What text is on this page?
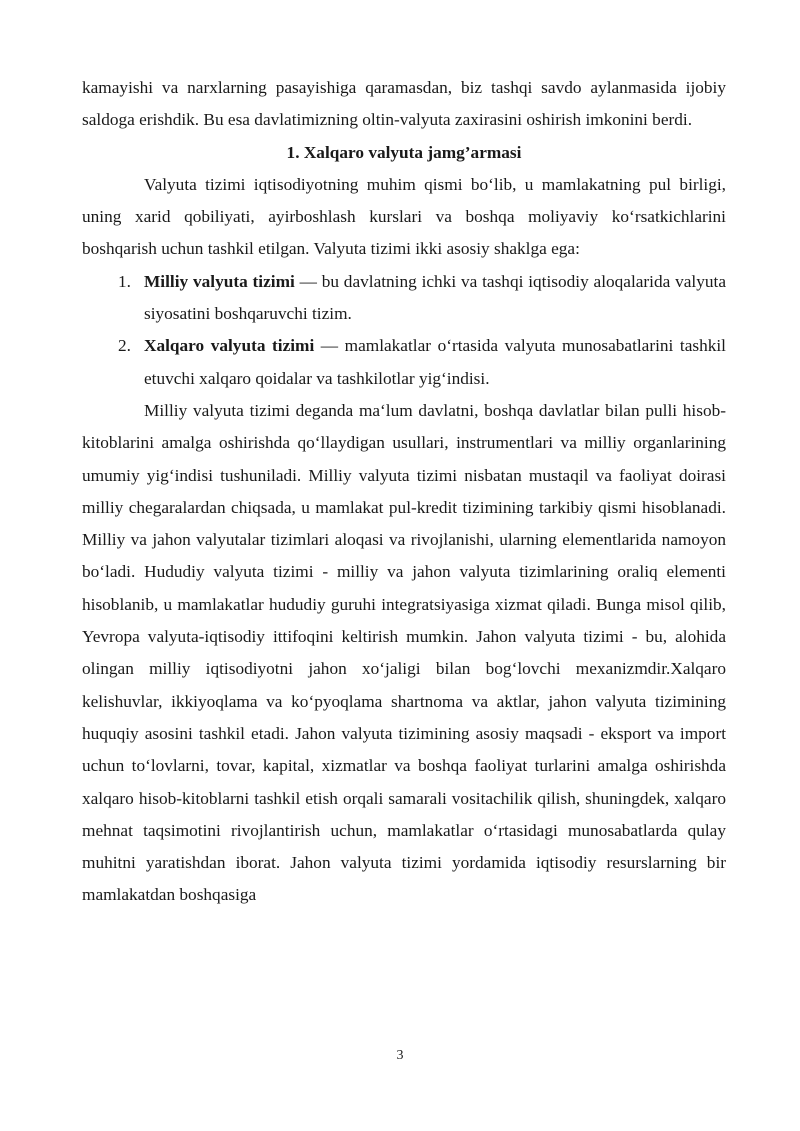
kamayishi va narxlarning pasayishiga qaramasdan, biz tashqi savdo aylanmasida ijobiy saldoga erishdik. Bu esa davlatimizning oltin-valyuta zaxirasini oshirish imkonini berdi.

1. Xalqaro valyuta jamg’armasi

Valyuta tizimi iqtisodiyotning muhim qismi bo‘lib, u mamlakatning pul birligi, uning xarid qobiliyati, ayirboshlash kurslari va boshqa moliyaviy ko‘rsatkichlarini boshqarish uchun tashkil etilgan. Valyuta tizimi ikki asosiy shaklga ega:

1. Milliy valyuta tizimi — bu davlatning ichki va tashqi iqtisodiy aloqalarida valyuta siyosatini boshqaruvchi tizim.
2. Xalqaro valyuta tizimi — mamlakatlar o‘rtasida valyuta munosabatlarini tashkil etuvchi xalqaro qoidalar va tashkilotlar yig‘indisi.

Milliy valyuta tizimi deganda ma‘lum davlatni, boshqa davlatlar bilan pulli hisob-kitoblarini amalga oshirishda qo‘llaydigan usullari, instrumentlari va milliy organlarining umumiy yig‘indisi tushuniladi. Milliy valyuta tizimi nisbatan mustaqil va faoliyat doirasi milliy chegaralardan chiqsada, u mamlakat pul-kredit tizimining tarkibiy qismi hisoblanadi. Milliy va jahon valyutalar tizimlari aloqasi va rivojlanishi, ularning elementlarida namoyon bo‘ladi. Hududiy valyuta tizimi - milliy va jahon valyuta tizimlarining oraliq elementi hisoblanib, u mamlakatlar hududiy guruhi integratsiyasiga xizmat qiladi. Bunga misol qilib, Yevropa valyuta-iqtisodiy ittifoqini keltirish mumkin. Jahon valyuta tizimi - bu, alohida olingan milliy iqtisodiyotni jahon xo‘jaligi bilan bog‘lovchi mexanizmdir.Xalqaro kelishuvlar, ikkiyoqlama va ko‘pyoqlama shartnoma va aktlar, jahon valyuta tizimining huquqiy asosini tashkil etadi. Jahon valyuta tizimining asosiy maqsadi - eksport va import uchun to‘lovlarni, tovar, kapital, xizmatlar va boshqa faoliyat turlarini amalga oshirishda xalqaro hisob-kitoblarni tashkil etish orqali samarali vositachilik qilish, shuningdek, xalqaro mehnat taqsimotini rivojlantirish uchun, mamlakatlar o‘rtasidagi munosabatlarda qulay muhitni yaratishdan iborat. Jahon valyuta tizimi yordamida iqtisodiy resurslarning bir mamlakatdan boshqasiga

3
